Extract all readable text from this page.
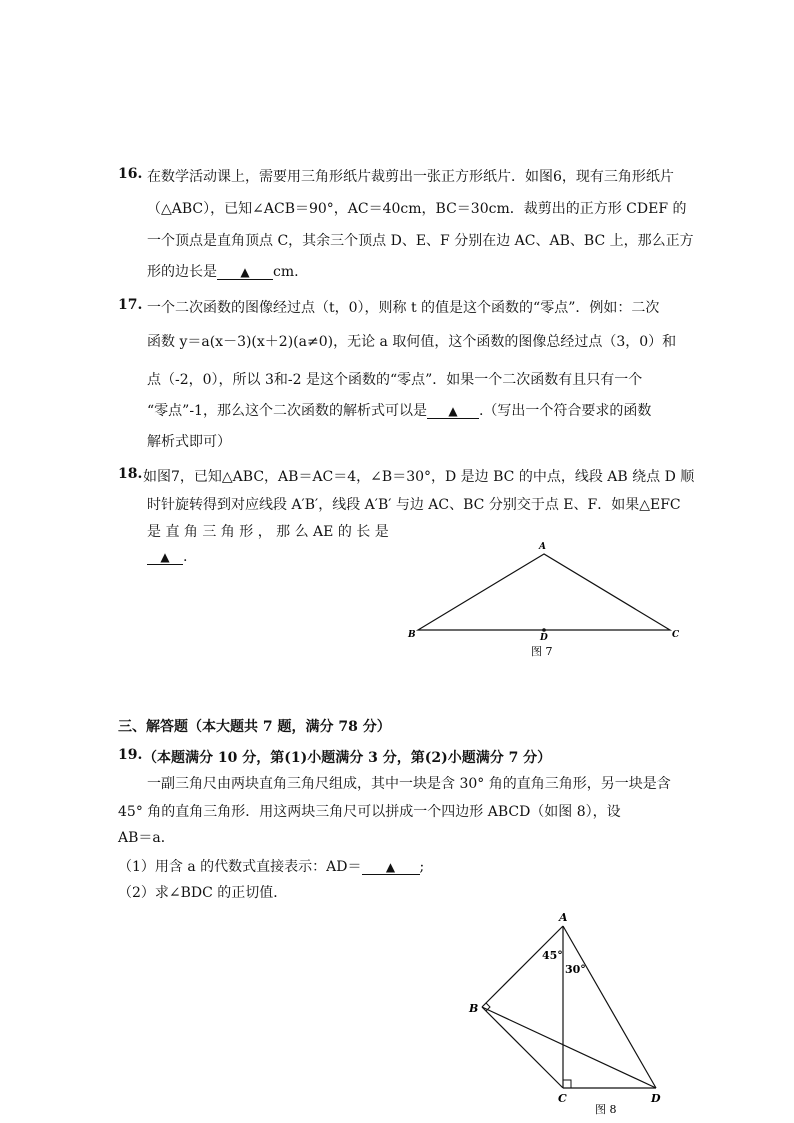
16. 在数学活动课上，需要用三角形纸片裁剪出一张正方形纸片．如图6，现有三角形纸片
（△ABC），已知∠ACB＝90°，AC＝40cm，BC＝30cm．裁剪出的正方形 CDEF 的
一个顶点是直角顶点 C，其余三个顶点 D、E、F 分别在边 AC、AB、BC 上，那么正方
形的边长是 ▲ cm.
17. 一个二次函数的图像经过点（t，0），则称 t 的值是这个函数的“零点”．例如：二次
函数 y＝a(x－3)(x＋2)(a≠0)，无论 a 取何值，这个函数的图像总经过点（3，0）和
点（-2，0），所以 3和-2 是这个函数的“零点”．如果一个二次函数有且只有一个
“零点”-1，那么这个二次函数的解析式可以是 ▲ .（写出一个符合要求的函数
解析式即可）
18. 如图7，已知△ABC，AB＝AC＝4，∠B＝30°，D 是边 BC 的中点，线段 AB 绕点 D 顺
时针旋转得到对应线段 A′B′，线段 A′B′ 与边 AC、BC 分别交于点 E、F．如果△EFC
是 直 角 三 角 形 ， 那 么 AE 的 长 是
▲ .
A
B	C
D
图 7
三、解答题（本大题共 7 题，满分 78 分）
19. （本题满分 10 分，第(1)小题满分 3 分，第(2)小题满分 7 分）
一副三角尺由两块直角三角尺组成，其中一块是含 30° 角的直角三角形，另一块是含
45° 角的直角三角形．用这两块三角尺可以拼成一个四边形 ABCD（如图 8），设
AB＝a．
（1）用含 a 的代数式直接表示：AD＝ ▲ ;
（2）求∠BDC 的正切值．
A
B
C	D
45°
30°
图 8
